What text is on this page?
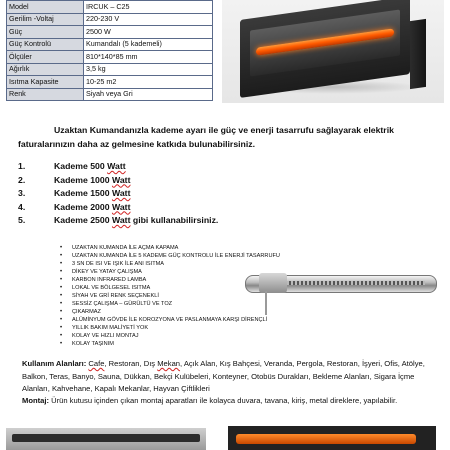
Model	IRCUK – C25
Gerilim -Voltaj	220-230 V
Güç	2500 W
Güç Kontrolü	Kumandalı (5 kademeli)
Ölçüler	810*140*85 mm
Ağırlık	3,5 kg
Isıtma Kapasite	10-25 m2
Renk	Siyah veya Gri
Uzaktan Kumandanızla kademe ayarı ile güç ve enerji tasarrufu sağlayarak elektrik faturalarınızın daha az gelmesine katkıda bulunabilirsiniz.
1.	Kademe 500 Watt
2.	Kademe 1000 Watt
3.	Kademe 1500 Watt
4.	Kademe 2000 Watt
5.	Kademe 2500 Watt gibi kullanabilirsiniz.
• UZAKTAN KUMANDA İLE AÇMA KAPAMA
• UZAKTAN KUMANDA İLE 5 KADEME GÜÇ KONTROLU İLE ENERJİ TASARRUFU
• 3 SN DE ISI VE IŞIK İLE ANI ISITMA
• DİKEY VE YATAY ÇALIŞMA
• KARBON INFRARED LAMBA
• LOKAL VE BÖLGESEL ISITMA
• SİYAH VE GRİ RENK SEÇENEKLİ
• SESSİZ ÇALIŞMA – GÜRÜLTÜ VE TOZ
• ÇIKARMAZ
• ALÜMİNYUM GÖVDE İLE KOROZYONA VE PASLANMAYA KARŞI DİRENÇLİ
• YILLIK BAKIM MALİYETİ YOK
• KOLAY VE HIZLI MONTAJ
• KOLAY TAŞINIM
Kullanım Alanları: Cafe, Restoran, Dış Mekan, Açık Alan, Kış Bahçesi, Veranda, Pergola, Restoran, İşyeri, Ofis, Atölye, Balkon, Teras, Banyo, Sauna, Dükkan, Bekçi Kulübeleri, Konteyner, Otobüs Durakları, Bekleme Alanları, Sigara İçme Alanları, Kahvehane, Kapalı Mekanlar, Hayvan Çiftlikleri
Montaj: Ürün kutusu içinden çıkan montaj aparatları ile kolayca duvara, tavana, kiriş, metal direklere, yapılabilir.
